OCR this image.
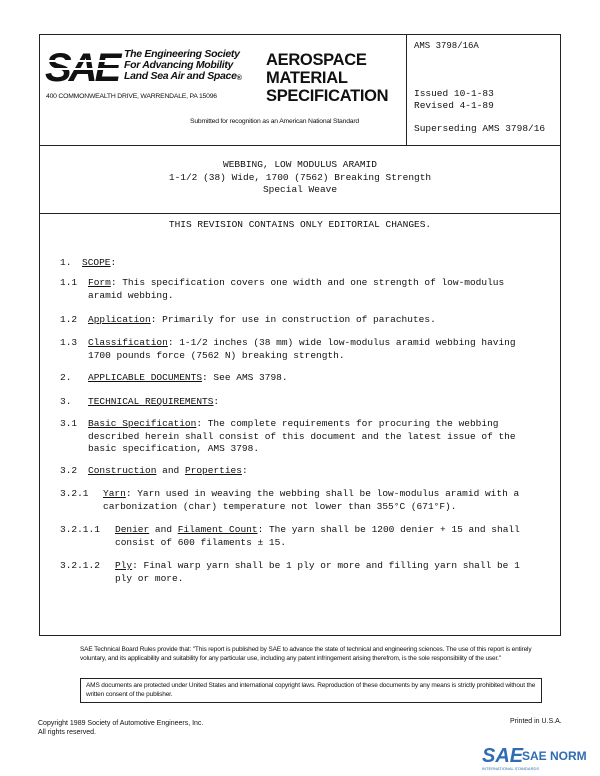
SAE The Engineering Society
For Advancing Mobility
Land Sea Air and Space®
400 COMMONWEALTH DRIVE, WARRENDALE, PA 15096
AEROSPACE
MATERIAL
SPECIFICATION
Submitted for recognition as an American National Standard
AMS 3798/16A
Issued 10-1-83
Revised 4-1-89
Superseding AMS 3798/16
WEBBING, LOW MODULUS ARAMID
1-1/2 (38) Wide, 1700 (7562) Breaking Strength
Special Weave
THIS REVISION CONTAINS ONLY EDITORIAL CHANGES.
1. SCOPE:
1.1 Form: This specification covers one width and one strength of low-modulus
aramid webbing.
1.2 Application: Primarily for use in construction of parachutes.
1.3 Classification: 1-1/2 inches (38 mm) wide low-modulus aramid webbing having
1700 pounds force (7562 N) breaking strength.
2. APPLICABLE DOCUMENTS: See AMS 3798.
3. TECHNICAL REQUIREMENTS:
3.1 Basic Specification: The complete requirements for procuring the webbing
described herein shall consist of this document and the latest issue of the
basic specification, AMS 3798.
3.2 Construction and Properties:
3.2.1 Yarn: Yarn used in weaving the webbing shall be low-modulus aramid with a
carbonization (char) temperature not lower than 355°C (671°F).
3.2.1.1 Denier and Filament Count: The yarn shall be 1200 denier + 15 and shall
consist of 600 filaments ± 15.
3.2.1.2 Ply: Final warp yarn shall be 1 ply or more and filling yarn shall be 1
ply or more.
SAE Technical Board Rules provide that: "This report is published by SAE to advance the state of technical and engineering sciences. The use of this report is entirely voluntary, and its applicability and suitability for any particular use, including any patent infringement arising therefrom, is the sole responsibility of the user."
AMS documents are protected under United States and international copyright laws. Reproduction of these documents by any means is strictly prohibited without the written consent of the publisher.
Copyright 1989 Society of Automotive Engineers, Inc.
All rights reserved.
Printed in U.S.A.
SAE
SAE NORM
INTERNATIONAL STANDARDS
